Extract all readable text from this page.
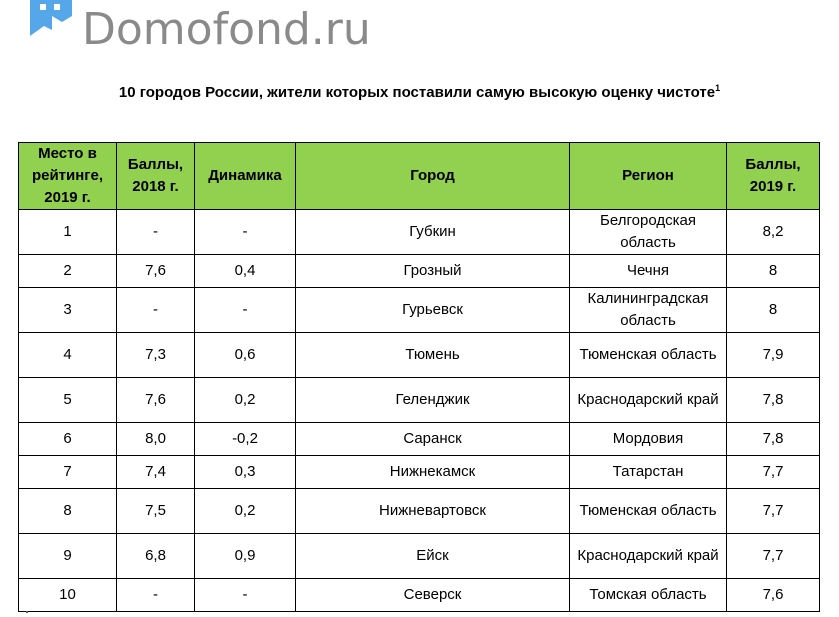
Domofond.ru
10 городов России, жители которых поставили самую высокую оценку чистоте$^1$
Место в рейтинге, 2019 г.	Баллы, 2018 г.	Динамика	Город	Регион	Баллы, 2019 г.
1	-	-	Губкин	Белгородская область	8,2
2	7,6	0,4	Грозный	Чечня	8
3	-	-	Гурьевск	Калининградская область	8
4	7,3	0,6	Тюмень	Тюменская область	7,9
5	7,6	0,2	Геленджик	Краснодарский край	7,8
6	8,0	-0,2	Саранск	Мордовия	7,8
7	7,4	0,3	Нижнекамск	Татарстан	7,7
8	7,5	0,2	Нижневартовск	Тюменская область	7,7
9	6,8	0,9	Ейск	Краснодарский край	7,7
10	-	-	Северск	Томская область	7,6
